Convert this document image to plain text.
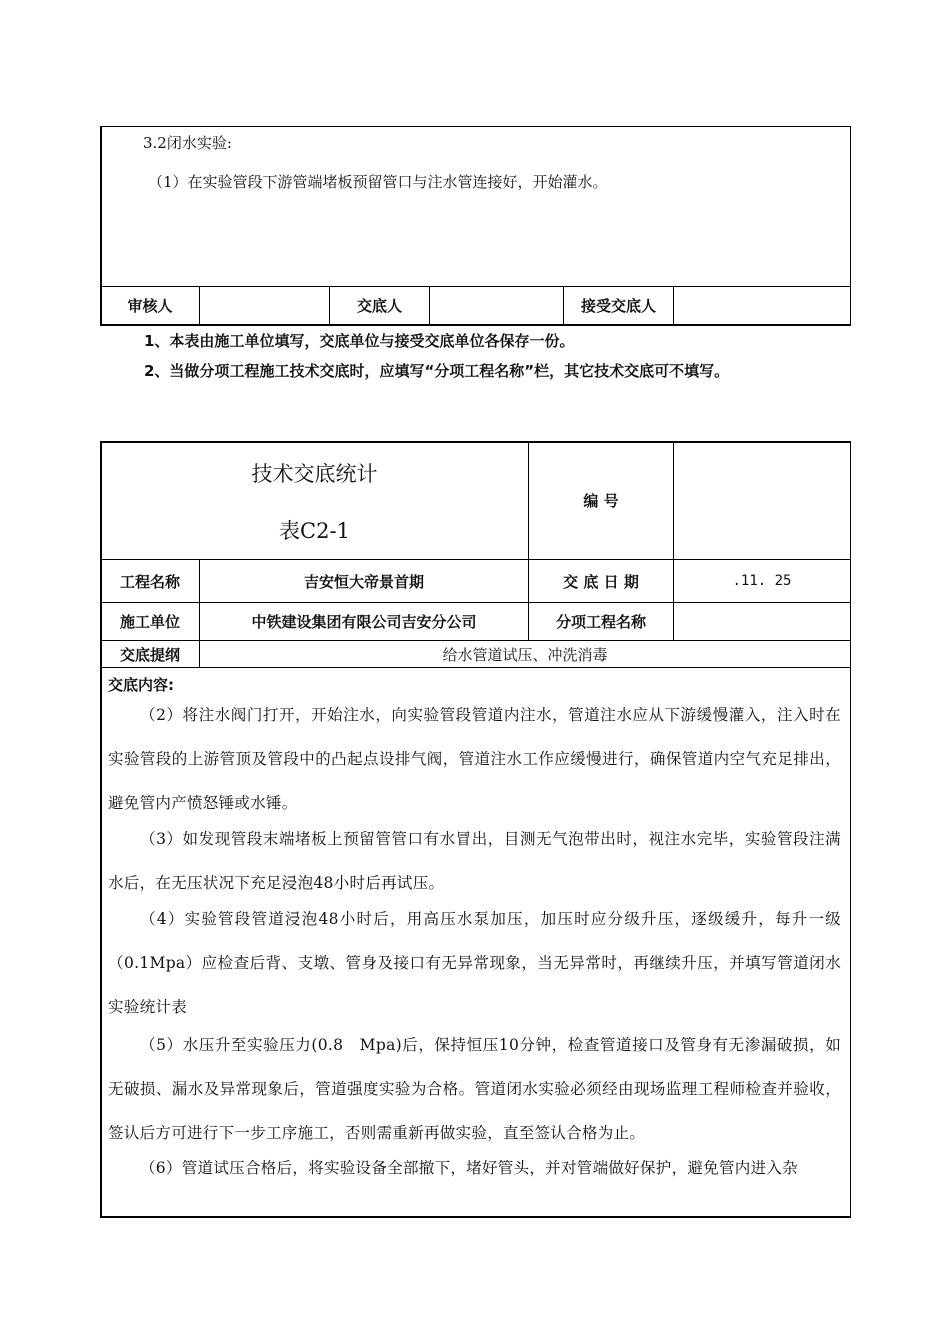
3.2闭水实验:
（1）在实验管段下游管端堵板预留管口与注水管连接好，开始灌水。
审核人	交底人	接受交底人
1、本表由施工单位填写，交底单位与接受交底单位各保存一份。
2、当做分项工程施工技术交底时，应填写“分项工程名称”栏，其它技术交底可不填写。
技术交底统计
表C2-1
编 号
工程名称	吉安恒大帝景首期	交 底 日 期	.11. 25
施工单位	中铁建设集团有限公司吉安分公司	分项工程名称
交底提纲	给水管道试压、冲洗消毒
交底内容:
（2）将注水阀门打开，开始注水，向实验管段管道内注水，管道注水应从下游缓慢灌入，注入时在实验管段的上游管顶及管段中的凸起点设排气阀，管道注水工作应缓慢进行，确保管道内空气充足排出，避免管内产愤怒锤或水锤。
（3）如发现管段末端堵板上预留管管口有水冒出，目测无气泡带出时，视注水完毕，实验管段注满水后，在无压状况下充足浸泡48小时后再试压。
（4）实验管段管道浸泡48小时后，用高压水泵加压，加压时应分级升压，逐级缓升，每升一级（0.1Mpa）应检查后背、支墩、管身及接口有无异常现象，当无异常时，再继续升压，并填写管道闭水实验统计表
（5）水压升至实验压力(0.8　Mpa)后，保持恒压10分钟，检查管道接口及管身有无渗漏破损，如无破损、漏水及异常现象后，管道强度实验为合格。管道闭水实验必须经由现场监理工程师检查并验收，签认后方可进行下一步工序施工，否则需重新再做实验，直至签认合格为止。
（6）管道试压合格后，将实验设备全部撤下，堵好管头，并对管端做好保护，避免管内进入杂
